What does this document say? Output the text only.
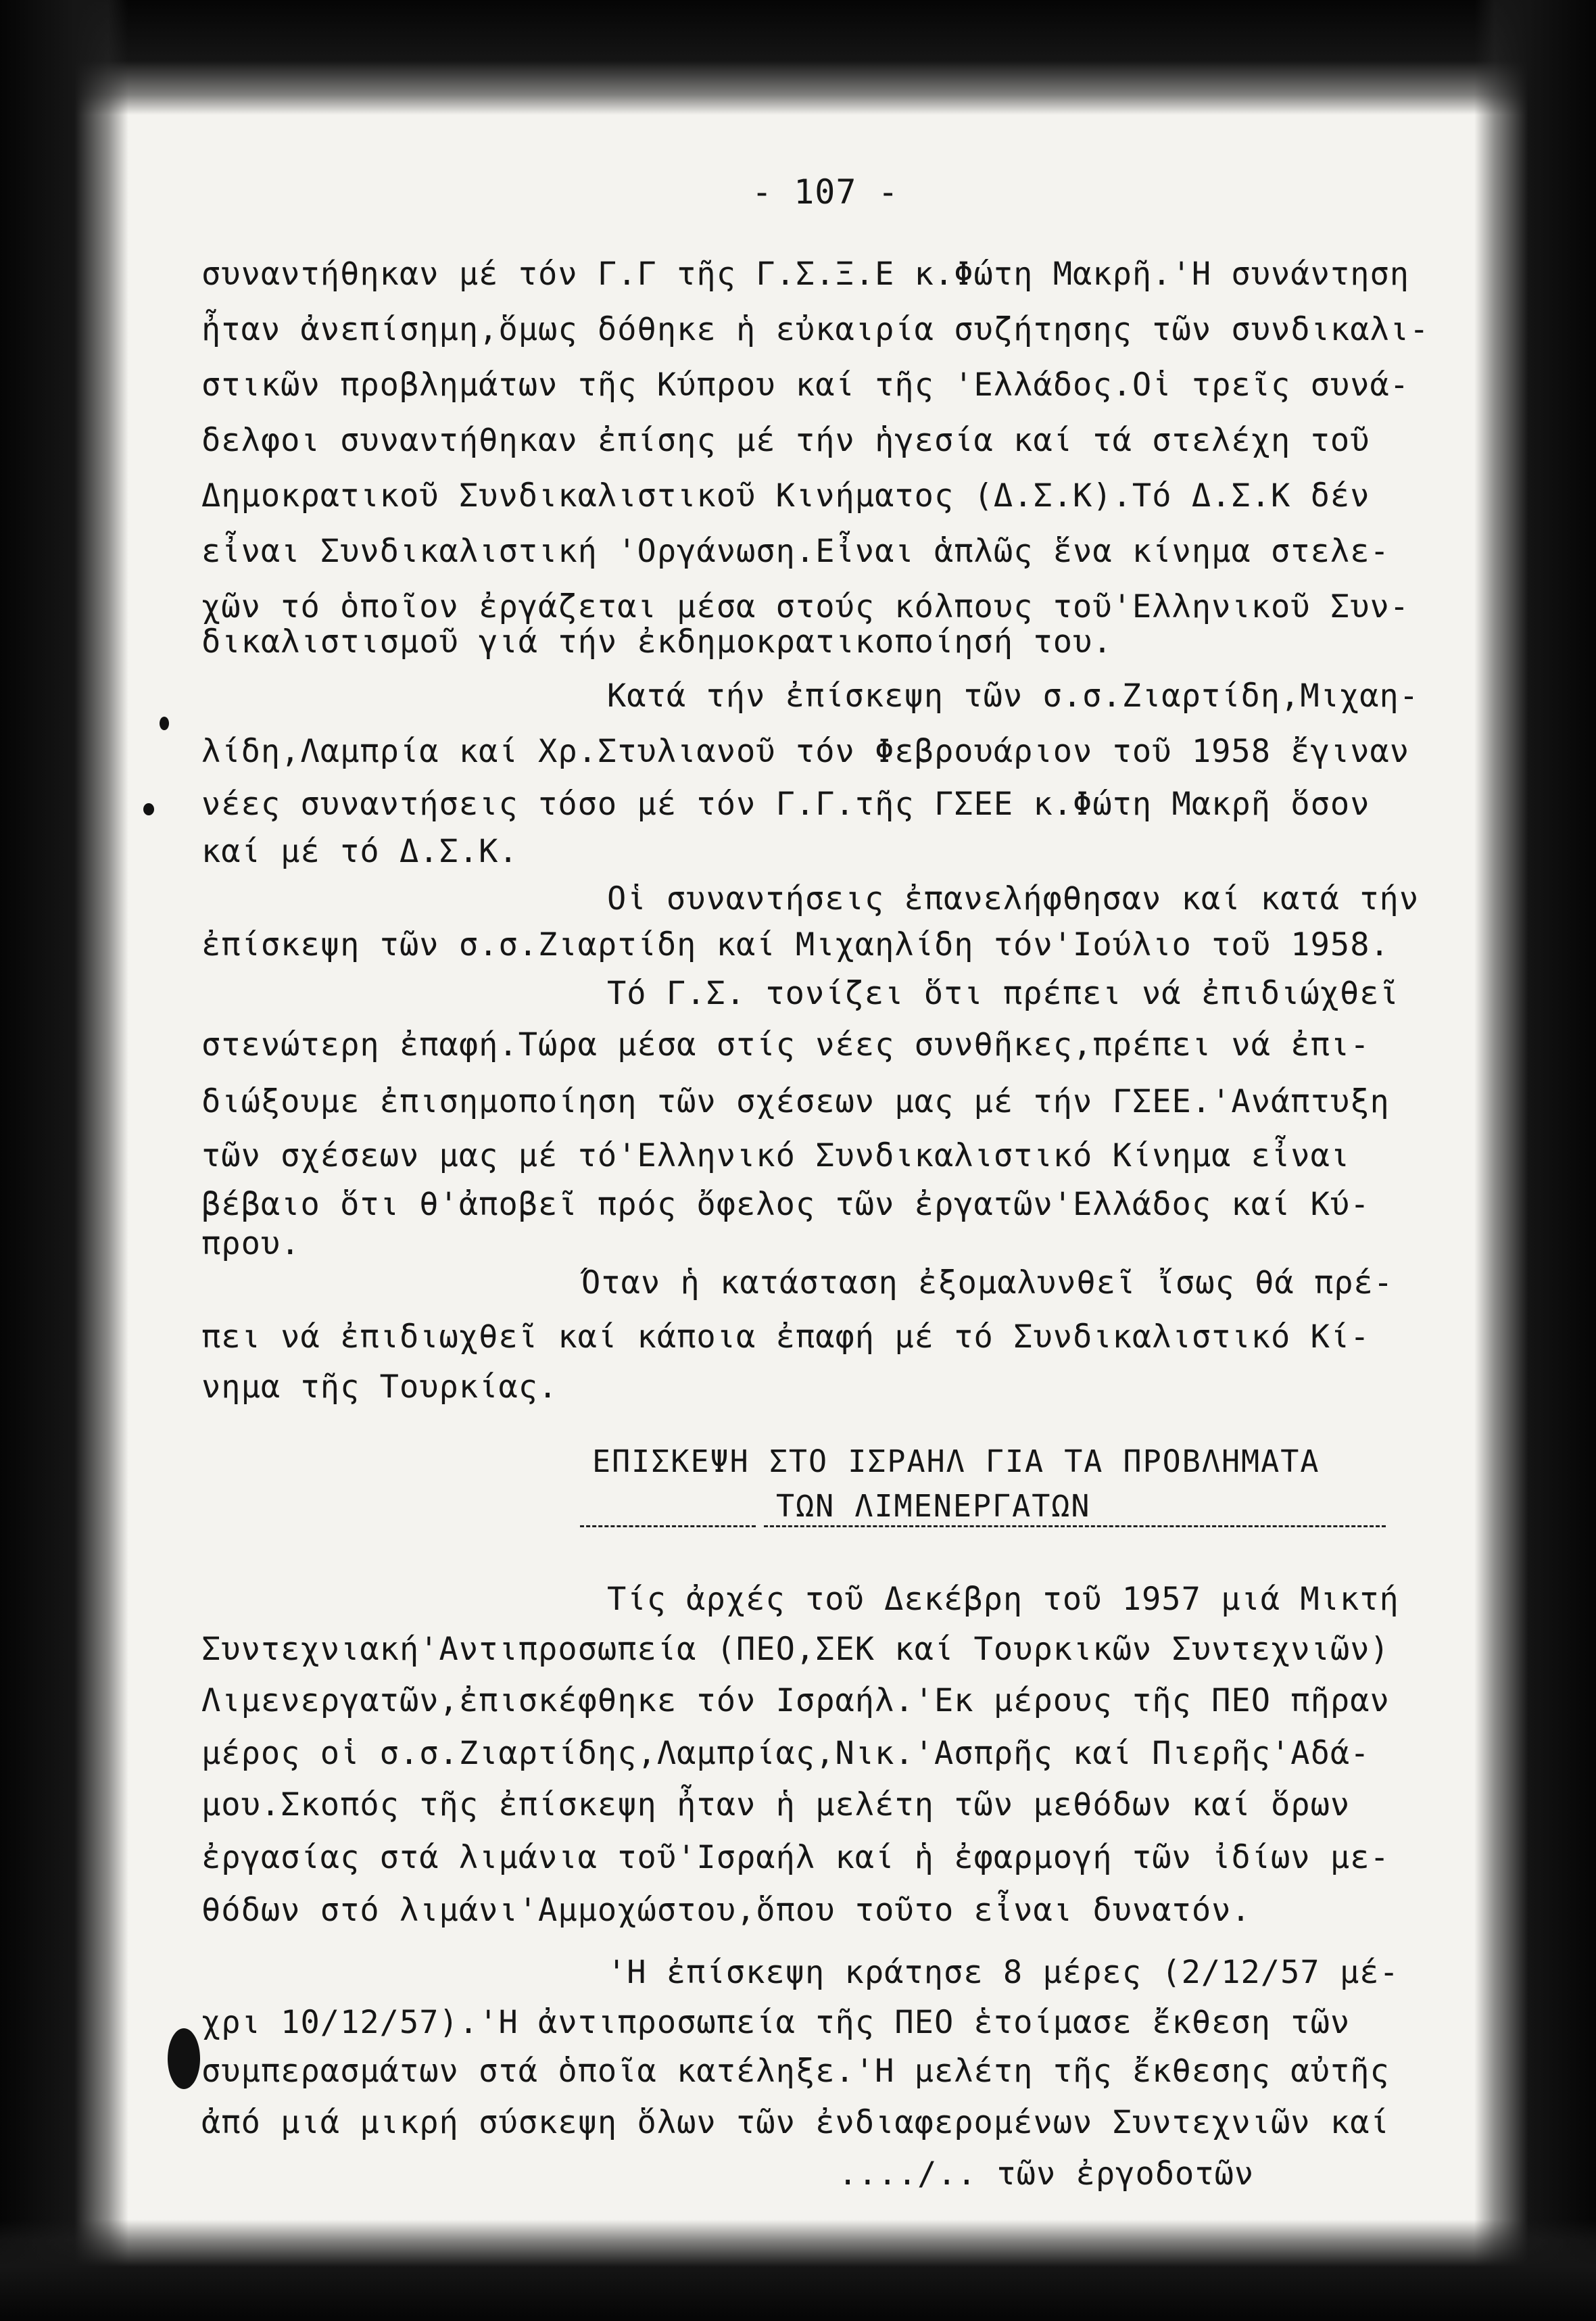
- 107 -
συναντήθηκαν μέ τόν Γ.Γ τῆς Γ.Σ.Ξ.Ε κ.Φώτη Μακρῆ.'Η συνάντηση
ἦταν ἀνεπίσημη,ὅμως δόθηκε ἡ εὐκαιρία συζήτησης τῶν συνδικαλι-
στικῶν προβλημάτων τῆς Κύπρου καί τῆς 'Ελλάδος.Οἱ τρεῖς συνά-
δελφοι συναντήθηκαν ἐπίσης μέ τήν ἡγεσία καί τά στελέχη τοῦ
Δημοκρατικοῦ Συνδικαλιστικοῦ Κινήματος (Δ.Σ.Κ).Τό Δ.Σ.Κ δέν
εἶναι Συνδικαλιστική 'Οργάνωση.Εἶναι ἁπλῶς ἕνα κίνημα στελε-
χῶν τό ὁποῖον ἐργάζεται μέσα στούς κόλπους τοῦ'Ελληνικοῦ Συν-
δικαλιστισμοῦ γιά τήν ἐκδημοκρατικοποίησή του.
Κατά τήν ἐπίσκεψη τῶν σ.σ.Ζιαρτίδη,Μιχαη-
λίδη,Λαμπρία καί Χρ.Στυλιανοῦ τόν Φεβρουάριον τοῦ 1958 ἔγιναν
νέες συναντήσεις τόσο μέ τόν Γ.Γ.τῆς ΓΣΕΕ κ.Φώτη Μακρῆ ὅσον
καί μέ τό Δ.Σ.Κ.
Οἱ συναντήσεις ἐπανελήφθησαν καί κατά τήν
ἐπίσκεψη τῶν σ.σ.Ζιαρτίδη καί Μιχαηλίδη τόν'Ιούλιο τοῦ 1958.
Τό Γ.Σ. τονίζει ὅτι πρέπει νά ἐπιδιώχθεῖ
στενώτερη ἐπαφή.Τώρα μέσα στίς νέες συνθῆκες,πρέπει νά ἐπι-
διώξουμε ἐπισημοποίηση τῶν σχέσεων μας μέ τήν ΓΣΕΕ.'Ανάπτυξη
τῶν σχέσεων μας μέ τό'Ελληνικό Συνδικαλιστικό Κίνημα εἶναι
βέβαιο ὅτι θ'ἀποβεῖ πρός ὄφελος τῶν ἐργατῶν'Ελλάδος καί Κύ-
πρου.
Όταν ἡ κατάσταση ἐξομαλυνθεῖ ἴσως θά πρέ-
πει νά ἐπιδιωχθεῖ καί κάποια ἐπαφή μέ τό Συνδικαλιστικό Κί-
νημα τῆς Τουρκίας.
ΕΠΙΣΚΕΨΗ ΣΤΟ ΙΣΡΑΗΛ ΓΙΑ ΤΑ ΠΡΟΒΛΗΜΑΤΑ
ΤΩΝ ΛΙΜΕΝΕΡΓΑΤΩΝ
Τίς ἀρχές τοῦ Δεκέβρη τοῦ 1957 μιά Μικτή
Συντεχνιακή'Αντιπροσωπεία (ΠΕΟ,ΣΕΚ καί Τουρκικῶν Συντεχνιῶν)
Λιμενεργατῶν,ἐπισκέφθηκε τόν Ισραήλ.'Εκ μέρους τῆς ΠΕΟ πῆραν
μέρος οἱ σ.σ.Ζιαρτίδης,Λαμπρίας,Νικ.'Ασπρῆς καί Πιερῆς'Αδά-
μου.Σκοπός τῆς ἐπίσκεψη ἦταν ἡ μελέτη τῶν μεθόδων καί ὅρων
ἐργασίας στά λιμάνια τοῦ'Ισραήλ καί ἡ ἐφαρμογή τῶν ἰδίων με-
θόδων στό λιμάνι'Αμμοχώστου,ὅπου τοῦτο εἶναι δυνατόν.
'Η ἐπίσκεψη κράτησε 8 μέρες (2/12/57 μέ-
χρι 10/12/57).'Η ἀντιπροσωπεία τῆς ΠΕΟ ἑτοίμασε ἔκθεση τῶν
συμπερασμάτων στά ὁποῖα κατέληξε.'Η μελέτη τῆς ἔκθεσης αὐτῆς
ἀπό μιά μικρή σύσκεψη ὅλων τῶν ἐνδιαφερομένων Συντεχνιῶν καί
..../.. τῶν ἐργοδοτῶν
